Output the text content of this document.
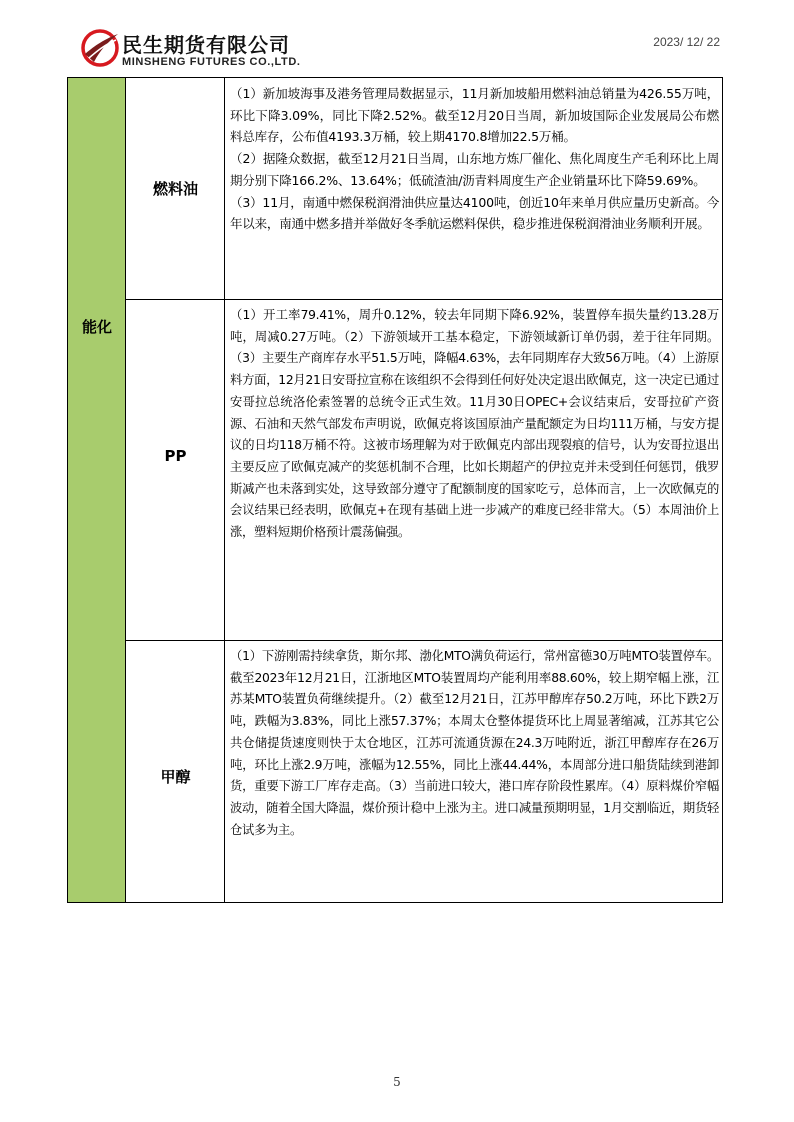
民生期货有限公司
MINSHENG FUTURES CO.,LTD.
2023/ 12/ 22
能化
燃料油

（1）新加坡海事及港务管理局数据显示，11月新加坡船用燃料油总销量为426.55万吨，环比下降3.09%，同比下降2.52%。截至12月20日当周，新加坡国际企业发展局公布燃料总库存，公布值4193.3万桶，较上期4170.8增加22.5万桶。

（2）据隆众数据，截至12月21日当周，山东地方炼厂催化、焦化周度生产毛利环比上周期分别下降166.2%、13.64%；低硫渣油/沥青料周度生产企业销量环比下降59.69%。

（3）11月，南通中燃保税润滑油供应量达4100吨，创近10年来单月供应量历史新高。今年以来，南通中燃多措并举做好冬季航运燃料保供，稳步推进保税润滑油业务顺利开展。

PP

（1）开工率79.41%，周升0.12%，较去年同期下降6.92%，装置停车损失量约13.28万吨，周减0.27万吨。（2）下游领域开工基本稳定，下游领域新订单仍弱，差于往年同期。（3）主要生产商库存水平51.5万吨，降幅4.63%，去年同期库存大致56万吨。（4）上游原料方面，12月21日安哥拉宣称在该组织不会得到任何好处决定退出欧佩克，这一决定已通过安哥拉总统洛伦索签署的总统令正式生效。11月30日OPEC+会议结束后，安哥拉矿产资源、石油和天然气部发布声明说，欧佩克将该国原油产量配额定为日均111万桶，与安方提议的日均118万桶不符。这被市场理解为对于欧佩克内部出现裂痕的信号，认为安哥拉退出主要反应了欧佩克减产的奖惩机制不合理，比如长期超产的伊拉克并未受到任何惩罚，俄罗斯减产也未落到实处，这导致部分遵守了配额制度的国家吃亏，总体而言，上一次欧佩克的会议结果已经表明，欧佩克+在现有基础上进一步减产的难度已经非常大。（5）本周油价上涨，塑料短期价格预计震荡偏强。

甲醇

（1）下游刚需持续拿货，斯尔邦、渤化MTO满负荷运行，常州富德30万吨MTO装置停车。截至2023年12月21日，江浙地区MTO装置周均产能利用率88.60%，较上期窄幅上涨，江苏某MTO装置负荷继续提升。（2）截至12月21日，江苏甲醇库存50.2万吨，环比下跌2万吨，跌幅为3.83%，同比上涨57.37%；本周太仓整体提货环比上周显著缩减，江苏其它公共仓储提货速度则快于太仓地区，江苏可流通货源在24.3万吨附近，浙江甲醇库存在26万吨，环比上涨2.9万吨，涨幅为12.55%，同比上涨44.44%，本周部分进口船货陆续到港卸货，重要下游工厂库存走高。（3）当前进口较大，港口库存阶段性累库。（4）原料煤价窄幅波动，随着全国大降温，煤价预计稳中上涨为主。进口减量预期明显，1月交割临近，期货轻仓试多为主。

5
